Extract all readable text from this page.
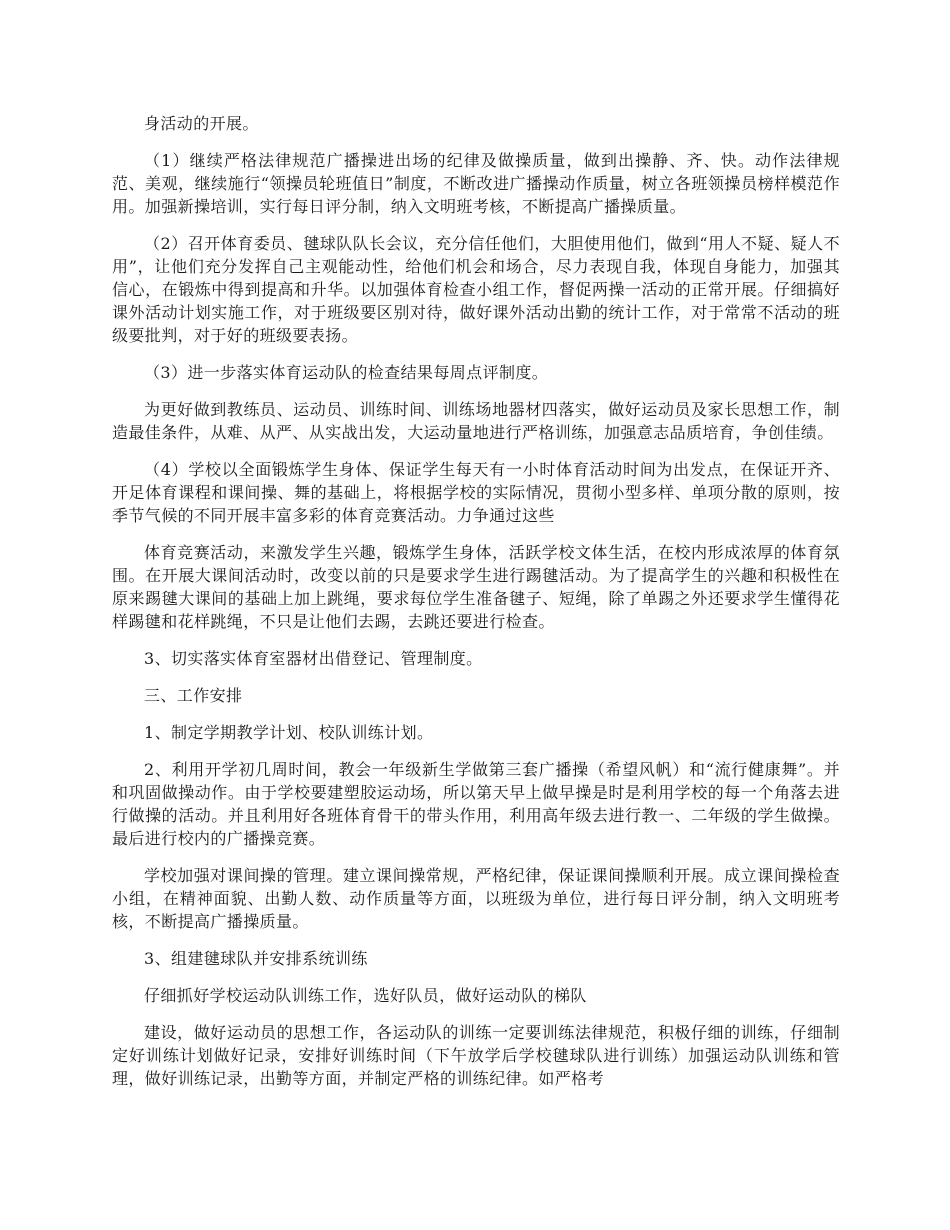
身活动的开展。

（1）继续严格法律规范广播操进出场的纪律及做操质量，做到出操静、齐、快。动作法律规范、美观，继续施行“领操员轮班值日”制度，不断改进广播操动作质量，树立各班领操员榜样模范作用。加强新操培训，实行每日评分制，纳入文明班考核，不断提高广播操质量。

（2）召开体育委员、毽球队队长会议，充分信任他们，大胆使用他们，做到“用人不疑、疑人不用”，让他们充分发挥自己主观能动性，给他们机会和场合，尽力表现自我，体现自身能力，加强其信心，在锻炼中得到提高和升华。以加强体育检查小组工作，督促两操一活动的正常开展。仔细搞好课外活动计划实施工作，对于班级要区别对待，做好课外活动出勤的统计工作，对于常常不活动的班级要批判，对于好的班级要表扬。

（3）进一步落实体育运动队的检查结果每周点评制度。

为更好做到教练员、运动员、训练时间、训练场地器材四落实，做好运动员及家长思想工作，制造最佳条件，从难、从严、从实战出发，大运动量地进行严格训练，加强意志品质培育，争创佳绩。

（4）学校以全面锻炼学生身体、保证学生每天有一小时体育活动时间为出发点，在保证开齐、开足体育课程和课间操、舞的基础上，将根据学校的实际情况，贯彻小型多样、单项分散的原则，按季节气候的不同开展丰富多彩的体育竞赛活动。力争通过这些

体育竞赛活动，来激发学生兴趣，锻炼学生身体，活跃学校文体生活，在校内形成浓厚的体育氛围。在开展大课间活动时，改变以前的只是要求学生进行踢毽活动。为了提高学生的兴趣和积极性在原来踢毽大课间的基础上加上跳绳，要求每位学生准备毽子、短绳，除了单踢之外还要求学生懂得花样踢毽和花样跳绳，不只是让他们去踢，去跳还要进行检查。

3、切实落实体育室器材出借登记、管理制度。

三、工作安排

1、制定学期教学计划、校队训练计划。

2、利用开学初几周时间，教会一年级新生学做第三套广播操（希望风帆）和“流行健康舞”。并和巩固做操动作。由于学校要建塑胶运动场，所以第天早上做早操是时是利用学校的每一个角落去进行做操的活动。并且利用好各班体育骨干的带头作用，利用高年级去进行教一、二年级的学生做操。最后进行校内的广播操竞赛。

学校加强对课间操的管理。建立课间操常规，严格纪律，保证课间操顺利开展。成立课间操检查小组，在精神面貌、出勤人数、动作质量等方面，以班级为单位，进行每日评分制，纳入文明班考核，不断提高广播操质量。

3、组建毽球队并安排系统训练

仔细抓好学校运动队训练工作，选好队员，做好运动队的梯队

建设，做好运动员的思想工作，各运动队的训练一定要训练法律规范，积极仔细的训练，仔细制定好训练计划做好记录，安排好训练时间（下午放学后学校毽球队进行训练）加强运动队训练和管理，做好训练记录，出勤等方面，并制定严格的训练纪律。如严格考
